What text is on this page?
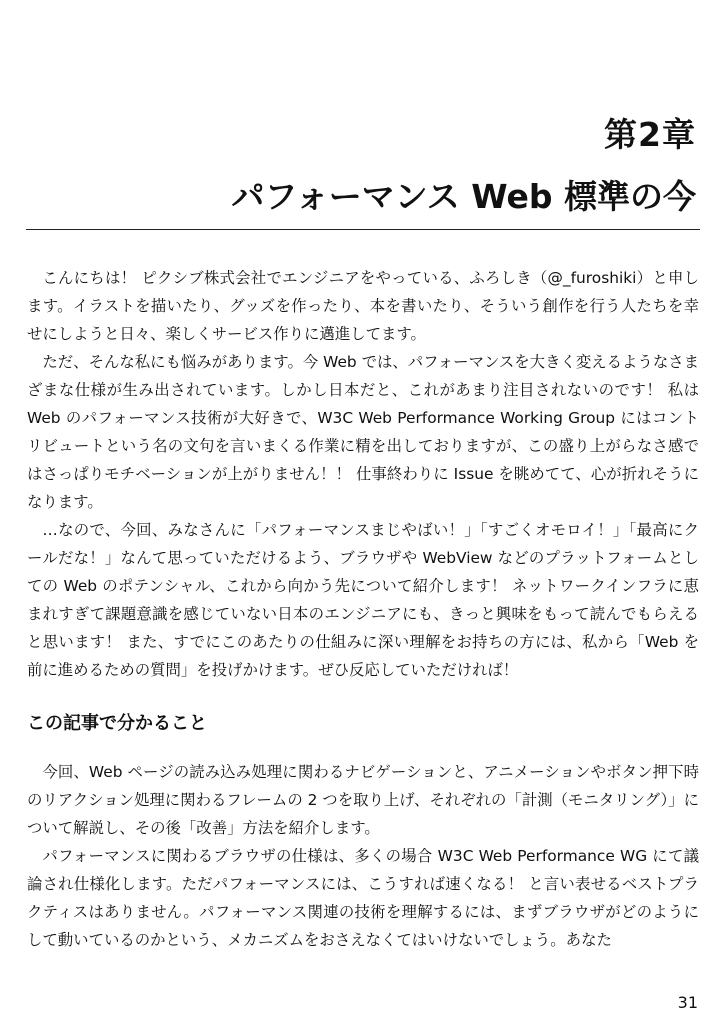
第2章
パフォーマンス Web 標準の今

こんにちは！ ピクシブ株式会社でエンジニアをやっている、ふろしき（@_furoshiki）と申します。イラストを描いたり、グッズを作ったり、本を書いたり、そういう創作を行う人たちを幸せにしようと日々、楽しくサービス作りに邁進してます。

ただ、そんな私にも悩みがあります。今 Web では、パフォーマンスを大きく変えるようなさまざまな仕様が生み出されています。しかし日本だと、これがあまり注目されないのです！ 私は Web のパフォーマンス技術が大好きで、W3C Web Performance Working Group にはコントリビュートという名の文句を言いまくる作業に精を出しておりますが、この盛り上がらなさ感ではさっぱりモチベーションが上がりません！！ 仕事終わりに Issue を眺めてて、心が折れそうになります。

…なので、今回、みなさんに「パフォーマンスまじやばい！」「すごくオモロイ！」「最高にクールだな！」なんて思っていただけるよう、ブラウザや WebView などのプラットフォームとしての Web のポテンシャル、これから向かう先について紹介します！ ネットワークインフラに恵まれすぎて課題意識を感じていない日本のエンジニアにも、きっと興味をもって読んでもらえると思います！ また、すでにこのあたりの仕組みに深い理解をお持ちの方には、私から「Web を前に進めるための質問」を投げかけます。ぜひ反応していただければ！

この記事で分かること

今回、Web ページの読み込み処理に関わるナビゲーションと、アニメーションやボタン押下時のリアクション処理に関わるフレームの 2 つを取り上げ、それぞれの「計測（モニタリング）」について解説し、その後「改善」方法を紹介します。

パフォーマンスに関わるブラウザの仕様は、多くの場合 W3C Web Performance WG にて議論され仕様化します。ただパフォーマンスには、こうすれば速くなる！ と言い表せるベストプラクティスはありません。パフォーマンス関連の技術を理解するには、まずブラウザがどのようにして動いているのかという、メカニズムをおさえなくてはいけないでしょう。あなた

31
